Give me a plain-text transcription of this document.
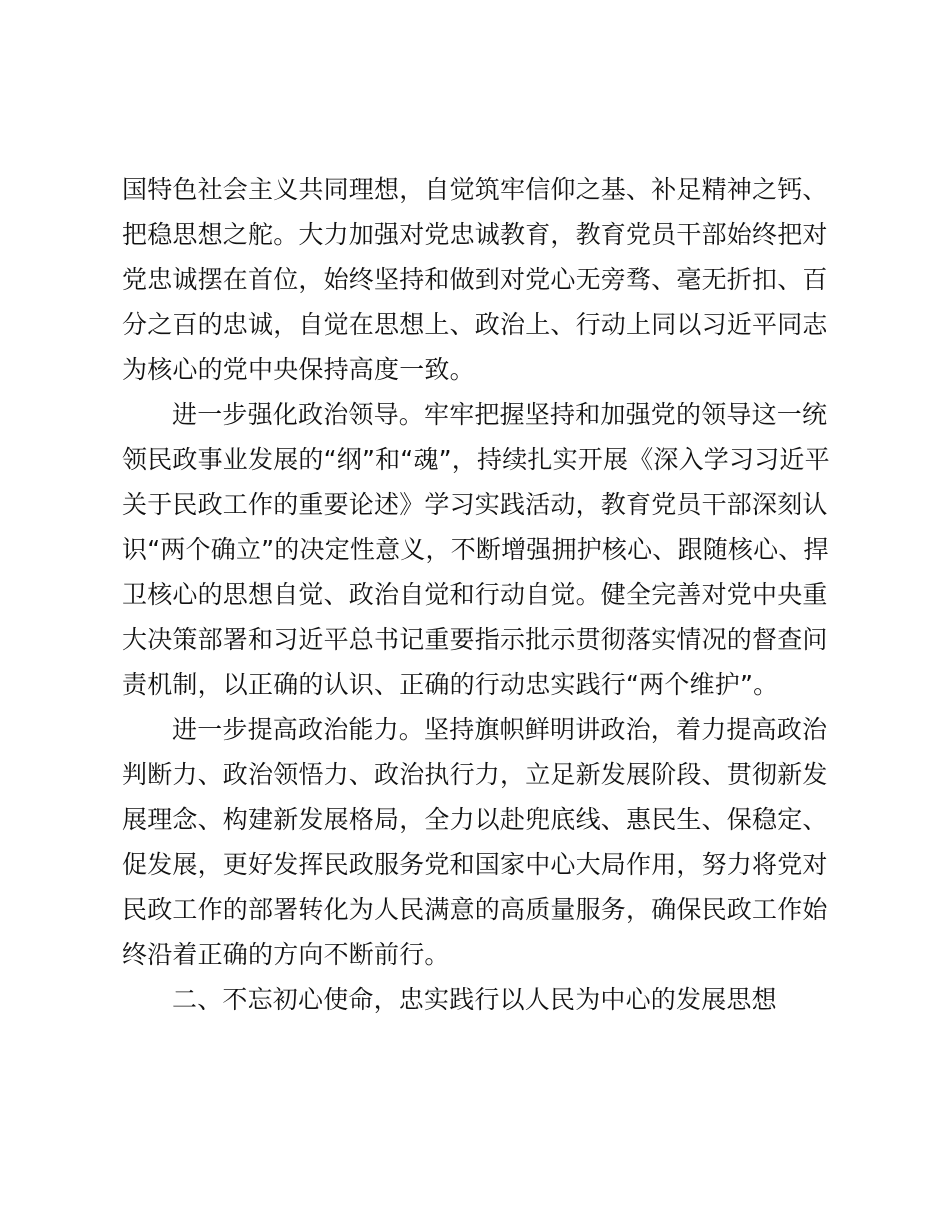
国特色社会主义共同理想，自觉筑牢信仰之基、补足精神之钙、

把稳思想之舵。大力加强对党忠诚教育，教育党员干部始终把对

党忠诚摆在首位，始终坚持和做到对党心无旁骛、毫无折扣、百

分之百的忠诚，自觉在思想上、政治上、行动上同以习近平同志

为核心的党中央保持高度一致。

进一步强化政治领导。牢牢把握坚持和加强党的领导这一统

领民政事业发展的“纲”和“魂”，持续扎实开展《深入学习习近平

关于民政工作的重要论述》学习实践活动，教育党员干部深刻认

识“两个确立”的决定性意义，不断增强拥护核心、跟随核心、捍

卫核心的思想自觉、政治自觉和行动自觉。健全完善对党中央重

大决策部署和习近平总书记重要指示批示贯彻落实情况的督查问

责机制，以正确的认识、正确的行动忠实践行“两个维护”。

进一步提高政治能力。坚持旗帜鲜明讲政治，着力提高政治

判断力、政治领悟力、政治执行力，立足新发展阶段、贯彻新发

展理念、构建新发展格局，全力以赴兜底线、惠民生、保稳定、

促发展，更好发挥民政服务党和国家中心大局作用，努力将党对

民政工作的部署转化为人民满意的高质量服务，确保民政工作始

终沿着正确的方向不断前行。

二、不忘初心使命，忠实践行以人民为中心的发展思想
